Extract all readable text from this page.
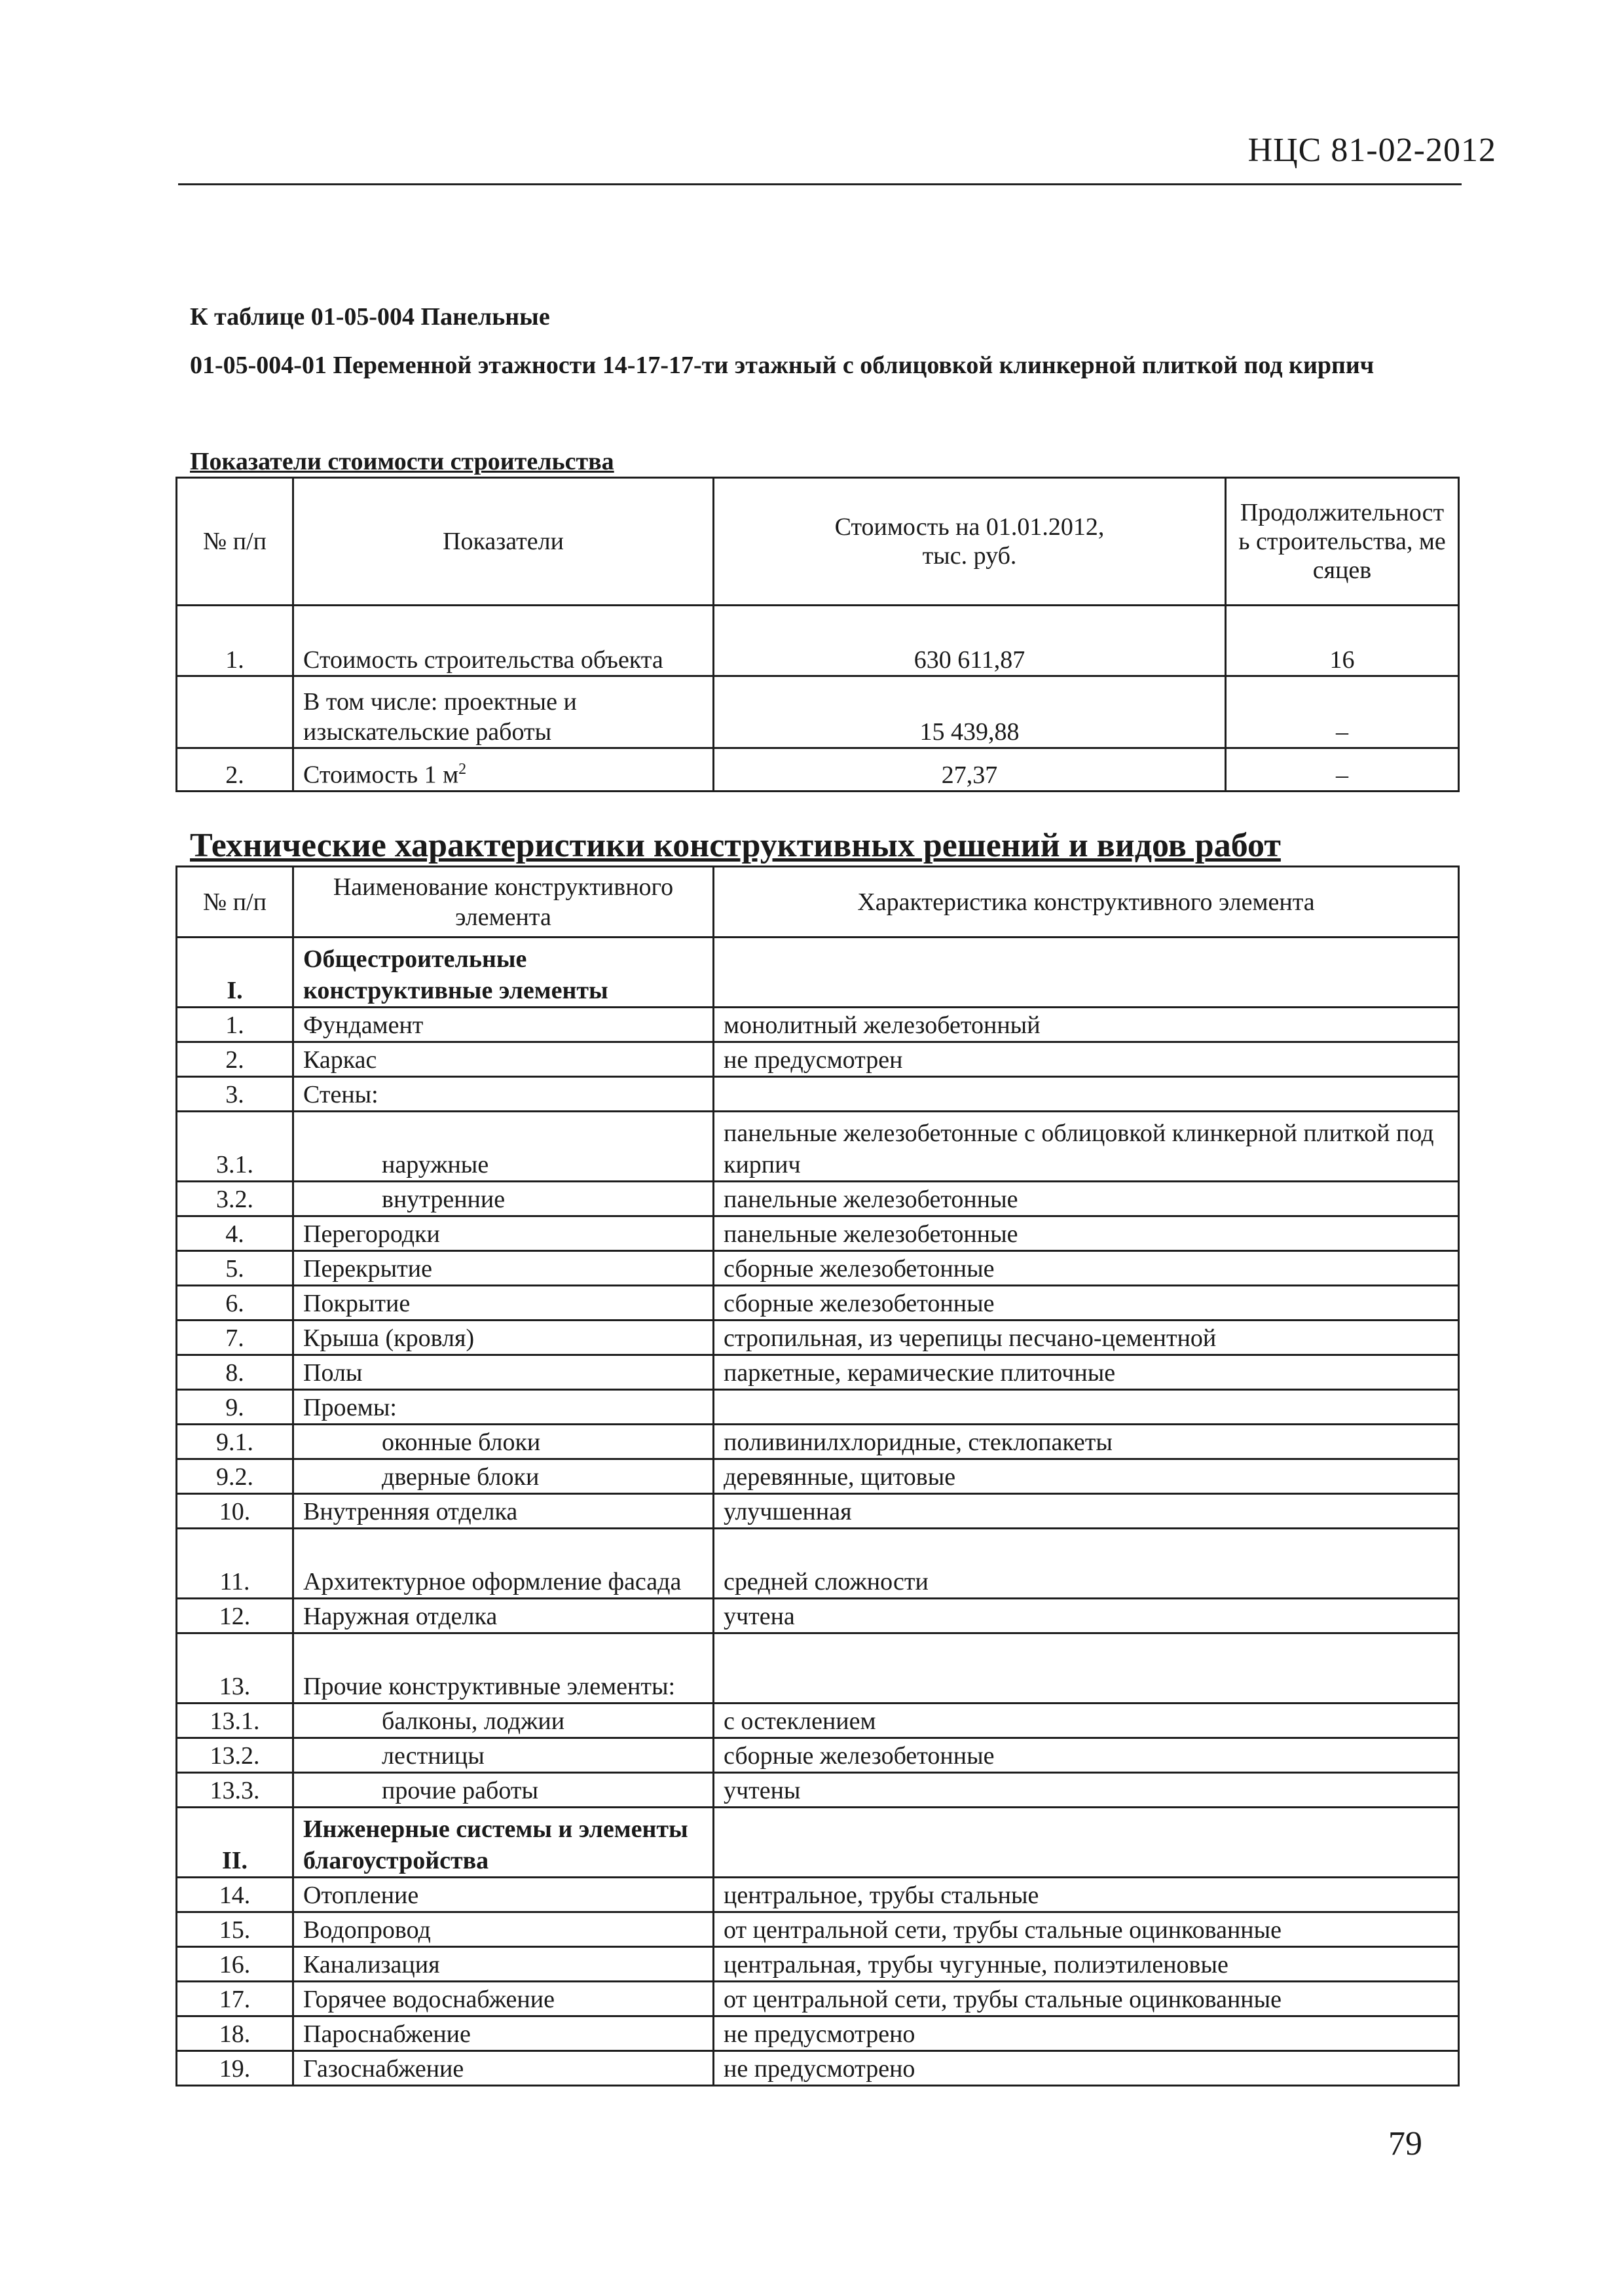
НЦС 81-02-2012
К таблице 01-05-004 Панельные
01-05-004-01 Переменной этажности 14-17-17-ти этажный с облицовкой клинкерной плиткой под кирпич
Показатели стоимости строительства
№ п/п	Показатели	Стоимость на 01.01.2012, тыс. руб.	Продолжительность строительства, месяцев

1.	Стоимость строительства объекта	630 611,87	16
	В том числе: проектные и изыскательские работы	15 439,88	–
2.	Стоимость 1 $м^2$	27,37	–
Технические характеристики конструктивных решений и видов работ
№ п/п	Наименование конструктивного элемента	Характеристика конструктивного элемента
I.	Общестроительные конструктивные элементы	
1.	Фундамент	монолитный железобетонный
2.	Каркас	не предусмотрен
3.	Стены:	
3.1.	наружные	панельные железобетонные с облицовкой клинкерной плиткой под кирпич
3.2.	внутренние	панельные железобетонные
4.	Перегородки	панельные железобетонные
5.	Перекрытие	сборные железобетонные
6.	Покрытие	сборные железобетонные
7.	Крыша (кровля)	стропильная, из черепицы песчано-цементной
8.	Полы	паркетные, керамические плиточные
9.	Проемы:	
9.1.	оконные блоки	поливинилхлоридные, стеклопакеты
9.2.	дверные блоки	деревянные, щитовые
10.	Внутренняя отделка	улучшенная
11.	Архитектурное оформление фасада	средней сложности
12.	Наружная отделка	учтена
13.	Прочие конструктивные элементы:	
13.1.	балконы, лоджии	с остеклением
13.2.	лестницы	сборные железобетонные
13.3.	прочие работы	учтены
II.	Инженерные системы и элементы благоустройства	
14.	Отопление	центральное, трубы стальные
15.	Водопровод	от центральной сети, трубы стальные оцинкованные
16.	Канализация	центральная, трубы чугунные, полиэтиленовые
17.	Горячее водоснабжение	от центральной сети, трубы стальные оцинкованные
18.	Пароснабжение	не предусмотрено
19.	Газоснабжение	не предусмотрено
79
